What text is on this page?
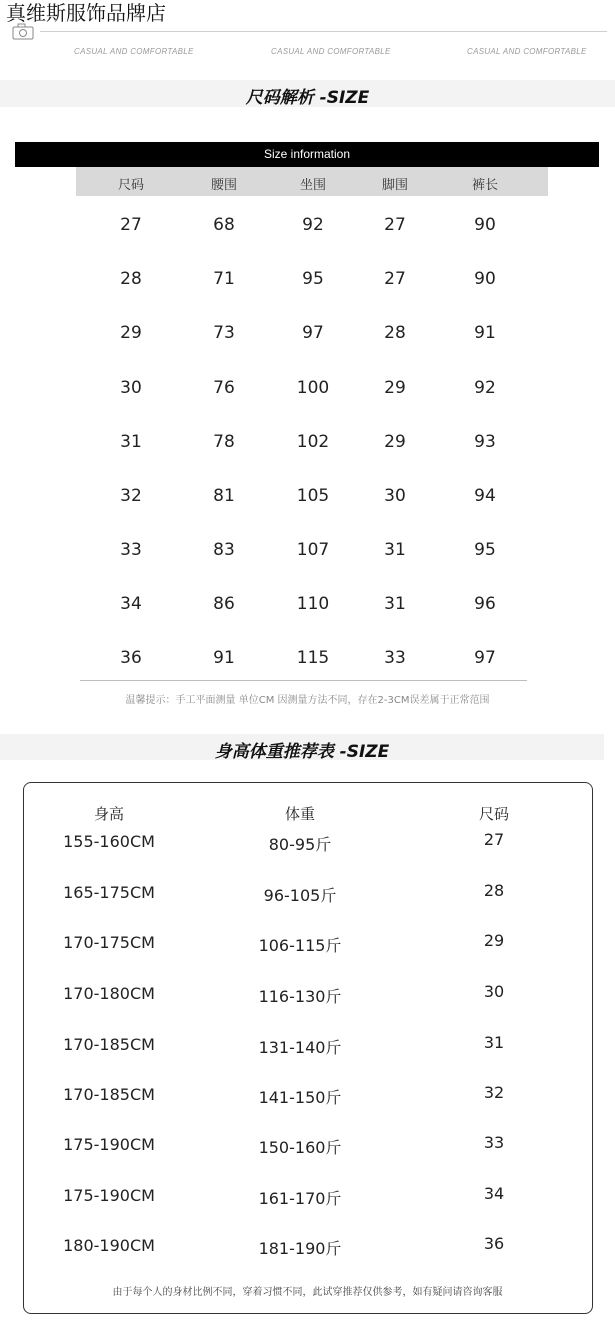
真维斯服饰品牌店
CASUAL AND COMFORTABLE	CASUAL AND COMFORTABLE	CASUAL AND COMFORTABLE
尺码解析 -SIZE
Size information
尺码	腰围	坐围	脚围	裤长
27	68	92	27	90
28	71	95	27	90
29	73	97	28	91
30	76	100	29	92
31	78	102	29	93
32	81	105	30	94
33	83	107	31	95
34	86	110	31	96
36	91	115	33	97
温馨提示：手工平面测量 单位CM 因测量方法不同，存在2-3CM误差属于正常范围
身高体重推荐表 -SIZE
身高	体重	尺码
155-160CM	80-95斤	27
165-175CM	96-105斤	28
170-175CM	106-115斤	29
170-180CM	116-130斤	30
170-185CM	131-140斤	31
170-185CM	141-150斤	32
175-190CM	150-160斤	33
175-190CM	161-170斤	34
180-190CM	181-190斤	36
由于每个人的身材比例不同，穿着习惯不同，此试穿推荐仅供参考，如有疑问请咨询客服
